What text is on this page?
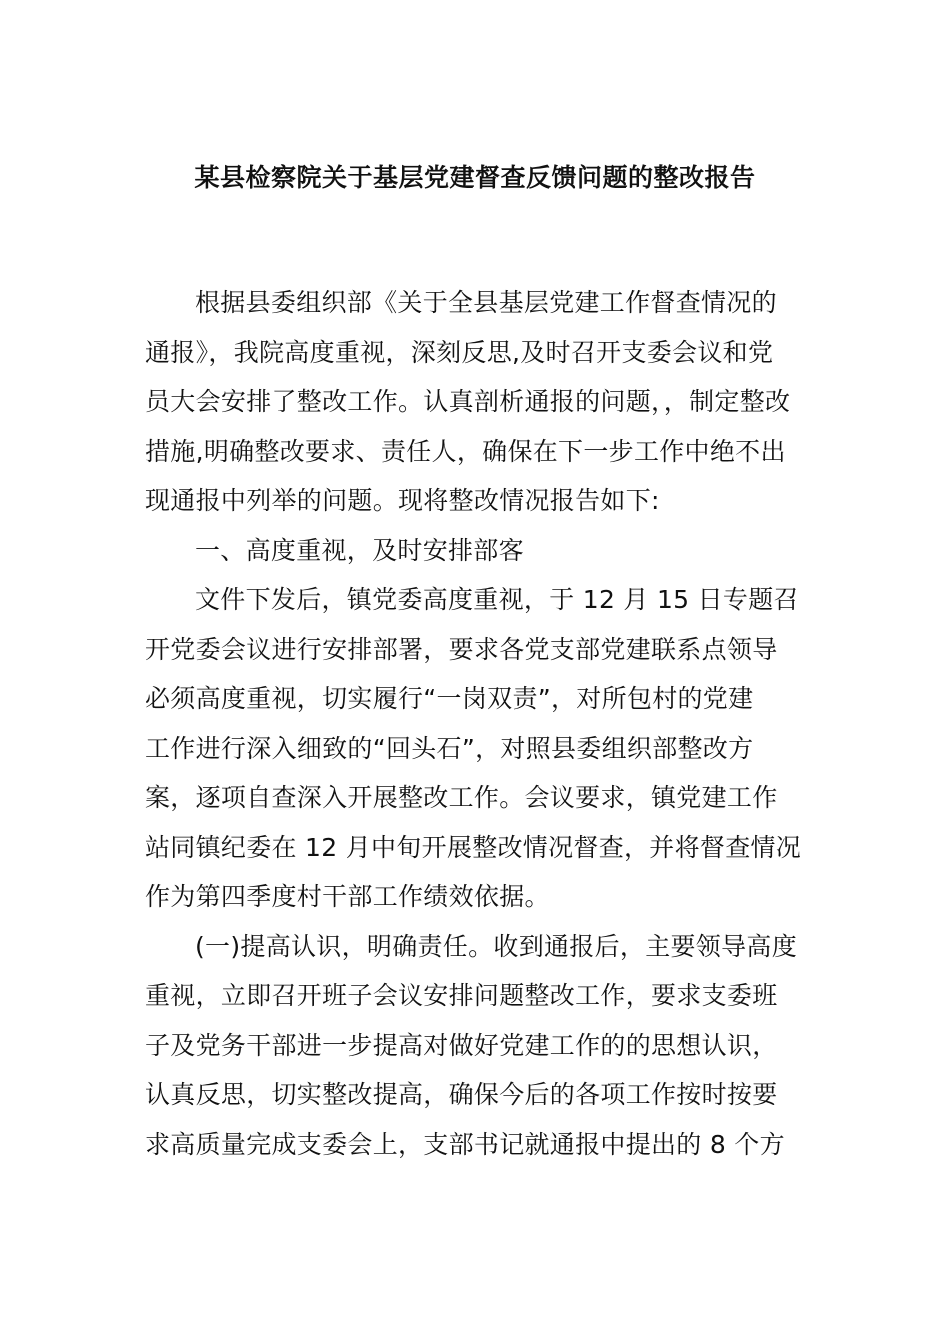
某县检察院关于基层党建督查反馈问题的整改报告
根据县委组织部《关于全县基层党建工作督查情况的
通报》，我院高度重视，深刻反思,及时召开支委会议和党
员大会安排了整改工作。认真剖析通报的问题，，制定整改
措施,明确整改要求、责任人，确保在下一步工作中绝不出
现通报中列举的问题。现将整改情况报告如下:
一、高度重视，及时安排部客
文件下发后，镇党委高度重视，于 12 月 15 日专题召
开党委会议进行安排部署，要求各党支部党建联系点领导
必须高度重视，切实履行“一岗双责”，对所包村的党建
工作进行深入细致的“回头石”，对照县委组织部整改方
案，逐项自查深入开展整改工作。会议要求，镇党建工作
站同镇纪委在 12 月中旬开展整改情况督查，并将督查情况
作为第四季度村干部工作绩效依据。
(一)提高认识，明确责任。收到通报后，主要领导高度
重视，立即召开班子会议安排问题整改工作，要求支委班
子及党务干部进一步提高对做好党建工作的的思想认识，
认真反思，切实整改提高，确保今后的各项工作按时按要
求高质量完成支委会上，支部书记就通报中提出的 8 个方
